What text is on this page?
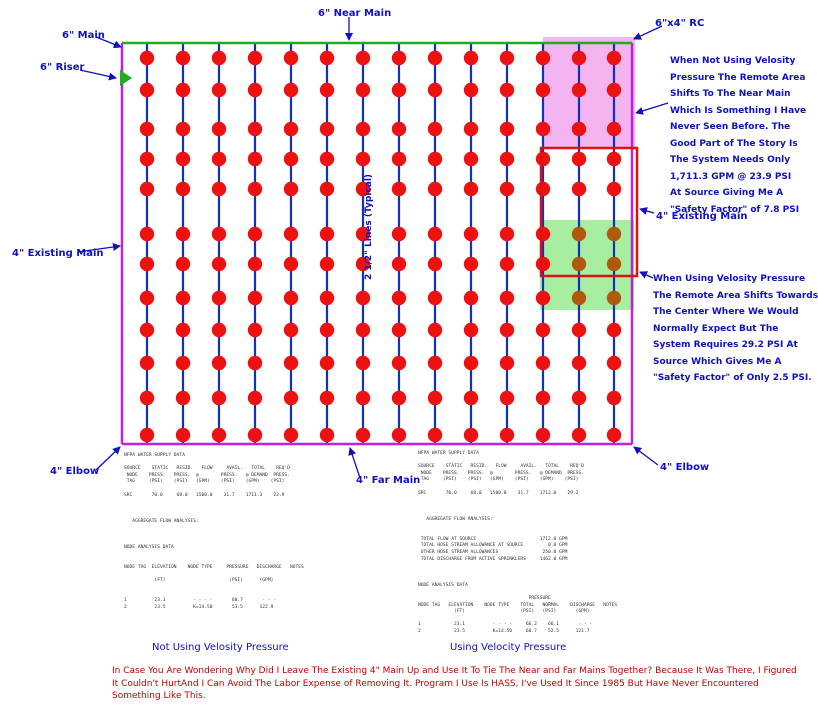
6" Near Main
6"x4" RC
6" Main
6" Riser
4" Existing Main
4" Existing Main
4" Elbow	4" Elbow
4" Far Main
2 1/2" Lines (Typical)
When Not Using Velosity
Pressure The Remote Area
Shifts To The Near Main
Which Is Something I Have
Never Seen Before. The
Good Part of The Story Is
The System Needs Only
1,711.3 GPM @ 23.9 PSI
At Source Giving Me A
"Safety Factor" of 7.8 PSI
When Using Velosity Pressure
The Remote Area Shifts Towards
The Center Where We Would
Normally Expect But The
System Requires 29.2 PSI At
Source Which Gives Me A
"Safety Factor" of Only 2.5 PSI.
NFPA WATER SUPPLY DATA

SOURCE    STATIC   RESID.   FLOW     AVAIL.   TOTAL    REQ'D
NODE    PRESS.   PRESS.  @        PRESS.   @ DEMAND  PRESS.
TAG     (PSI)    (PSI)   (GPM)    (PSI)    (GPM)    (PSI)

SRC       70.0     60.0   1500.0    31.7    1711.3    23.9

AGGREGATE FLOW ANALYSIS:

NODE ANALYSIS DATA

NODE TAG  ELEVATION    NODE TYPE     PRESSURE   DISCHARGE   NOTES

(FT)                       (PSI)      (GPM)

1          23.1          - - - -       60.7       - - -
2          23.5          K=14.50       53.5      122.9
NFPA WATER SUPPLY DATA

SOURCE    STATIC   RESID.   FLOW     AVAIL.   TOTAL    REQ'D
NODE    PRESS.   PRESS.  @        PRESS.   @ DEMAND  PRESS.
TAG     (PSI)    (PSI)   (GPM)    (PSI)    (GPM)    (PSI)

SRC       70.0     60.0   1500.0    31.7    1712.0    29.2

AGGREGATE FLOW ANALYSIS:

TOTAL FLOW AT SOURCE                       1712.0 GPM
TOTAL HOSE STREAM ALLOWANCE AT SOURCE         0.0 GPM
OTHER HOSE STREAM ALLOWANCES                250.0 GPM
TOTAL DISCHARGE FROM ACTIVE SPRINKLERS     1462.0 GPM

NODE ANALYSIS DATA

PRESSURE
NODE TAG   ELEVATION    NODE TYPE    TOTAL   NORMAL    DISCHARGE   NOTES
(FT)                    (PSI)   (PSI)       (GPM)

1            23.1          - - - -     66.2    66.1       - - -
2            23.5          K=14.50     60.7    52.5      121.7
Not Using Velosity Pressure	Using Velocity Pressure
In Case You Are Wondering Why Did I Leave The Existing 4" Main Up and Use It To Tie The Near and Far Mains Together? Because It Was There, I Figured It Couldn't HurtAnd I Can Avoid The Labor Expense of Removing It. Program I Use Is HASS, I've Used It Since 1985 But Have Never Encountered Something Like This.
